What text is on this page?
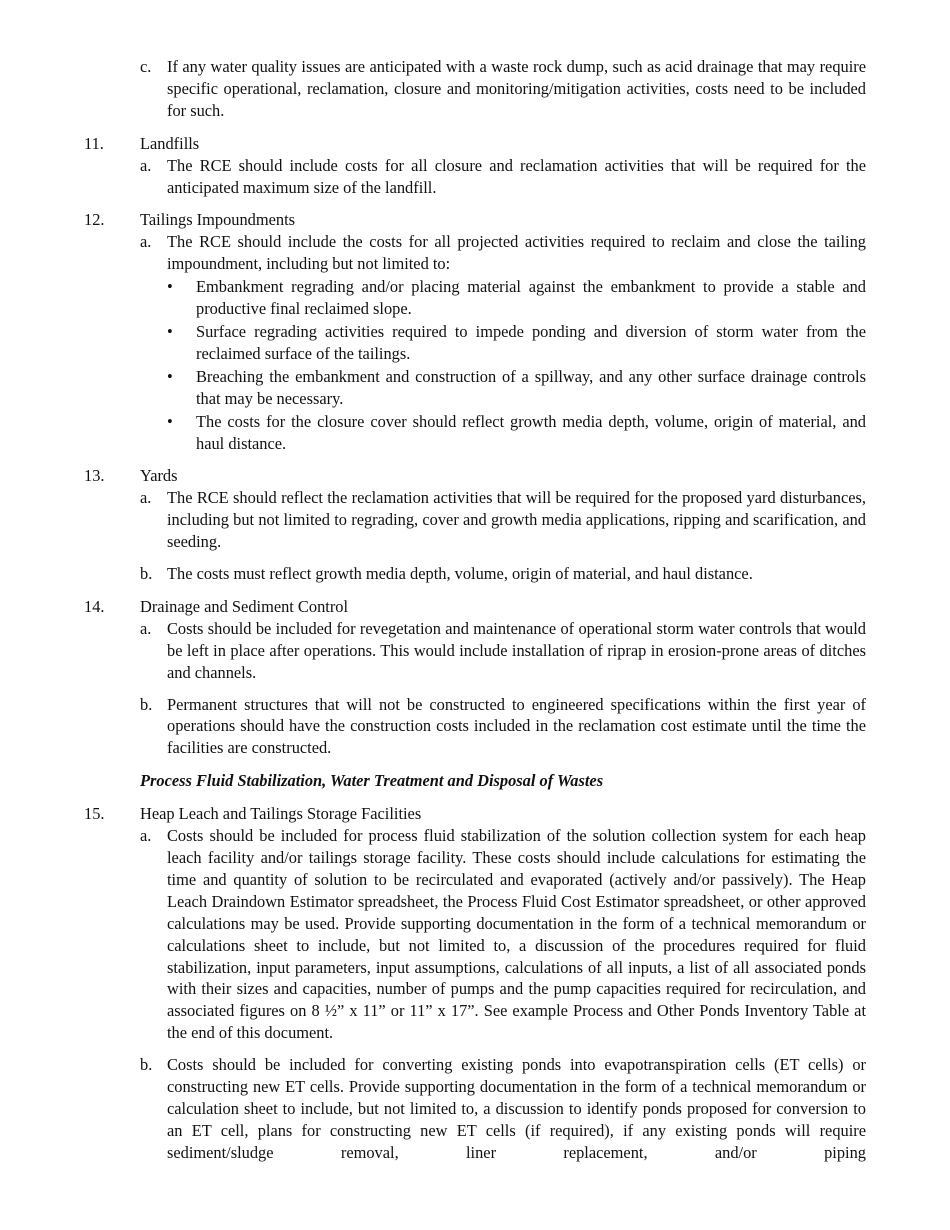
c. If any water quality issues are anticipated with a waste rock dump, such as acid drainage that may require specific operational, reclamation, closure and monitoring/mitigation activities, costs need to be included for such.
11.	Landfills
a. The RCE should include costs for all closure and reclamation activities that will be required for the anticipated maximum size of the landfill.
12.	Tailings Impoundments
a. The RCE should include the costs for all projected activities required to reclaim and close the tailing impoundment, including but not limited to:
•	Embankment regrading and/or placing material against the embankment to provide a stable and productive final reclaimed slope.
•	Surface regrading activities required to impede ponding and diversion of storm water from the reclaimed surface of the tailings.
•	Breaching the embankment and construction of a spillway, and any other surface drainage controls that may be necessary.
•	The costs for the closure cover should reflect growth media depth, volume, origin of material, and haul distance.
13.	Yards
a. The RCE should reflect the reclamation activities that will be required for the proposed yard disturbances, including but not limited to regrading, cover and growth media applications, ripping and scarification, and seeding.
b. The costs must reflect growth media depth, volume, origin of material, and haul distance.
14.	Drainage and Sediment Control
a. Costs should be included for revegetation and maintenance of operational storm water controls that would be left in place after operations. This would include installation of riprap in erosion-prone areas of ditches and channels.
b. Permanent structures that will not be constructed to engineered specifications within the first year of operations should have the construction costs included in the reclamation cost estimate until the time the facilities are constructed.
Process Fluid Stabilization, Water Treatment and Disposal of Wastes
15.	Heap Leach and Tailings Storage Facilities
a. Costs should be included for process fluid stabilization of the solution collection system for each heap leach facility and/or tailings storage facility. These costs should include calculations for estimating the time and quantity of solution to be recirculated and evaporated (actively and/or passively). The Heap Leach Draindown Estimator spreadsheet, the Process Fluid Cost Estimator spreadsheet, or other approved calculations may be used. Provide supporting documentation in the form of a technical memorandum or calculations sheet to include, but not limited to, a discussion of the procedures required for fluid stabilization, input parameters, input assumptions, calculations of all inputs, a list of all associated ponds with their sizes and capacities, number of pumps and the pump capacities required for recirculation, and associated figures on 8 ½” x 11” or 11” x 17”. See example Process and Other Ponds Inventory Table at the end of this document.
b. Costs should be included for converting existing ponds into evapotranspiration cells (ET cells) or constructing new ET cells. Provide supporting documentation in the form of a technical memorandum or calculation sheet to include, but not limited to, a discussion to identify ponds proposed for conversion to an ET cell, plans for constructing new ET cells (if required), if any existing ponds will require sediment/sludge removal, liner replacement, and/or piping
